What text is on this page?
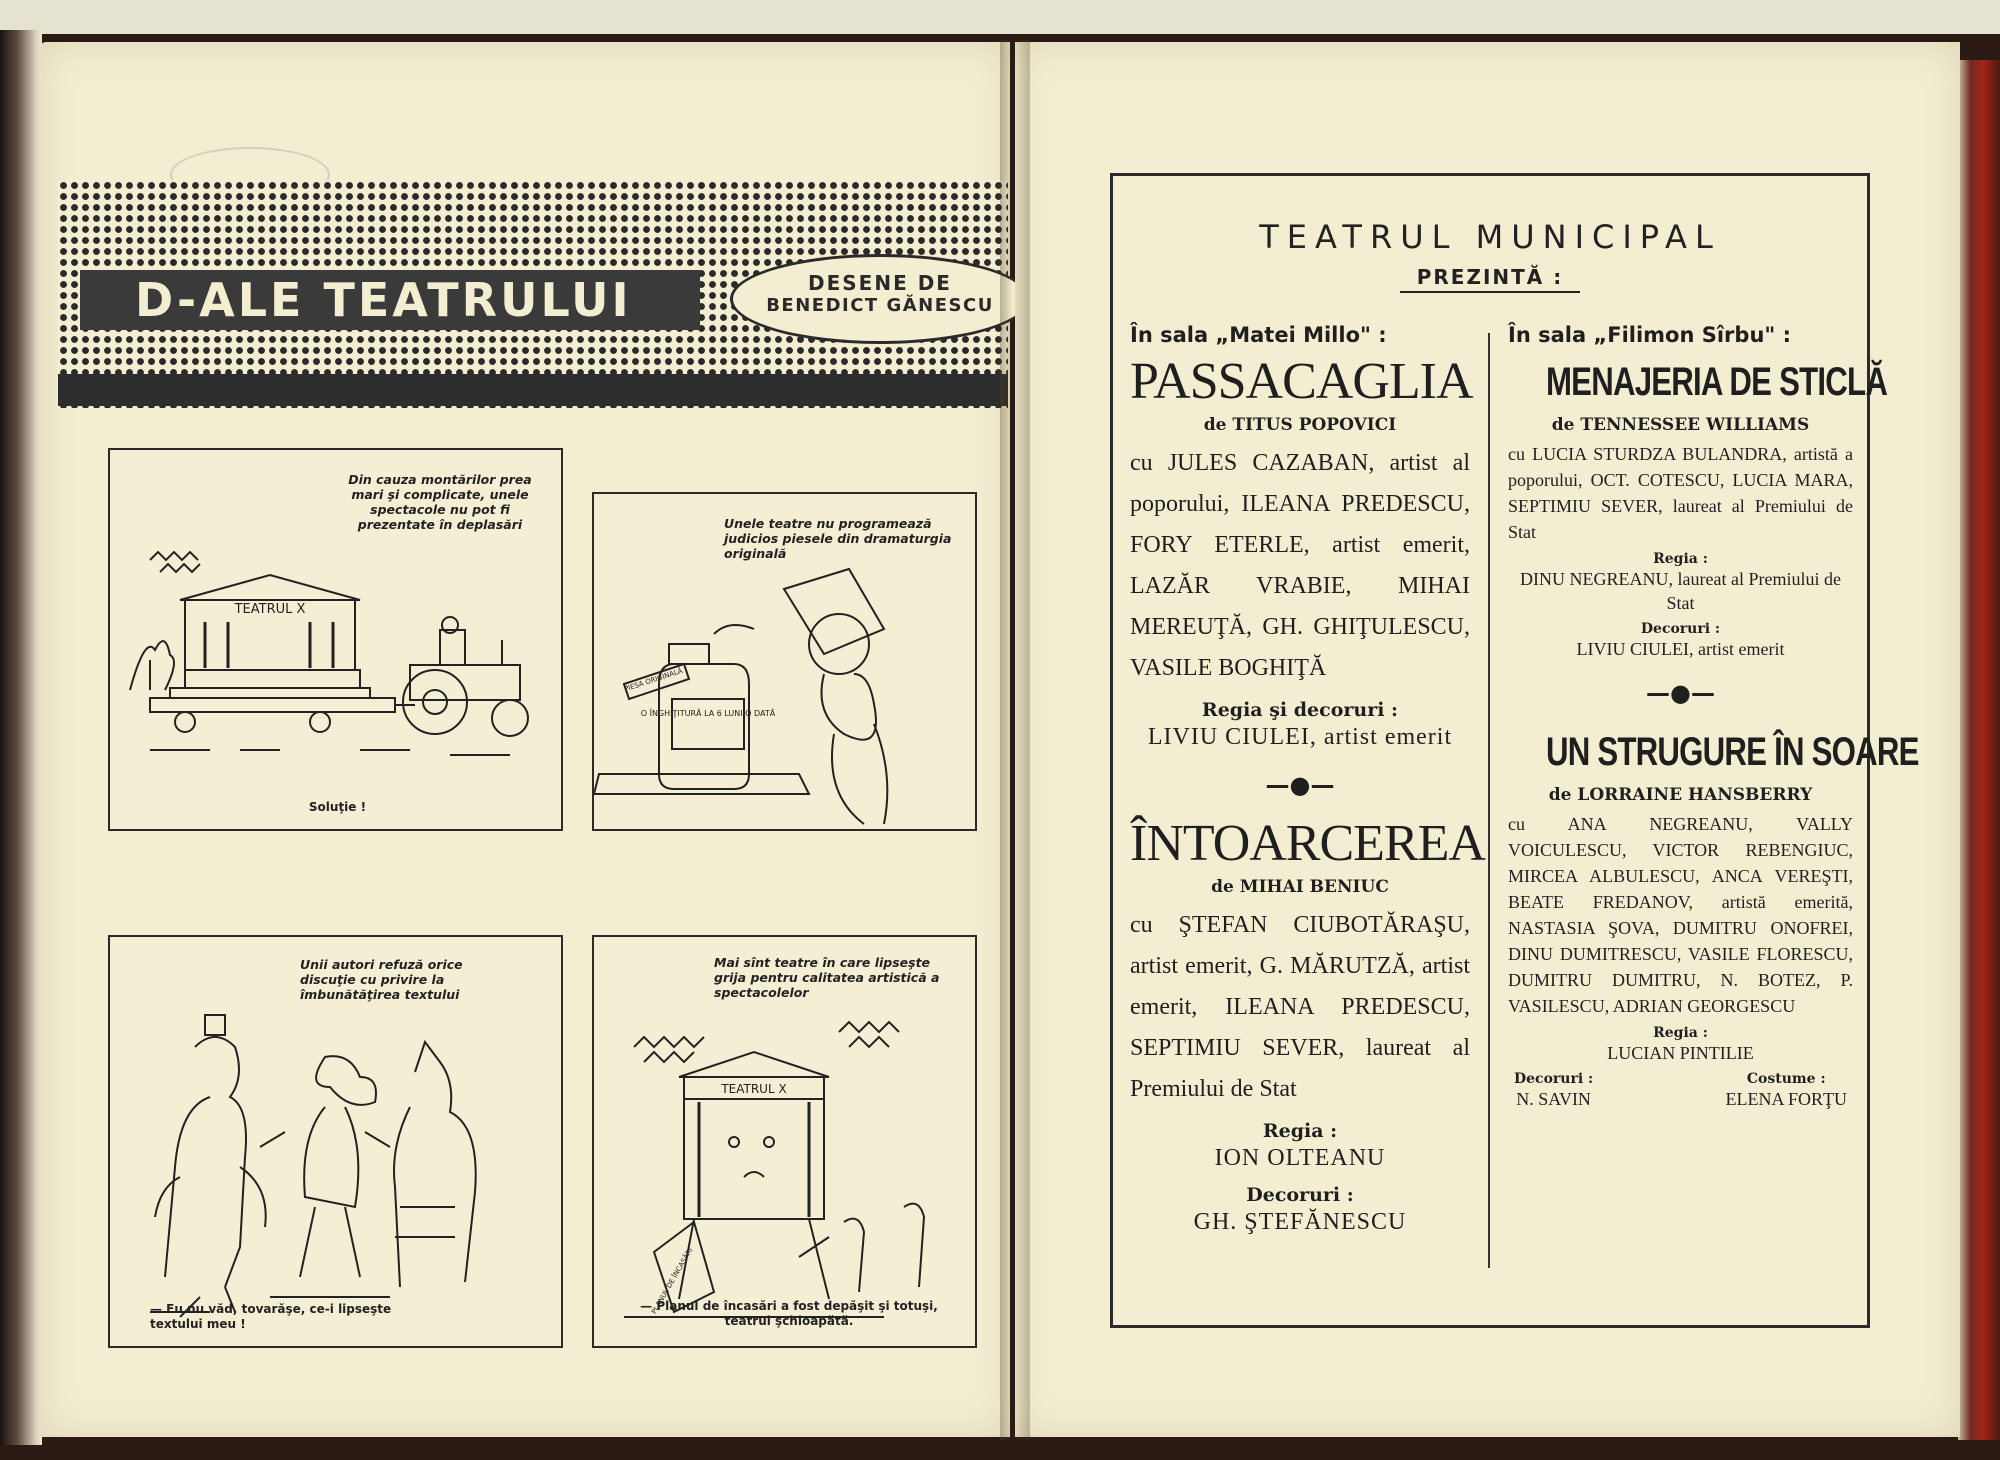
D-ALE TEATRULUI	DESENE DE
BENEDICT GĂNESCU
Din cauza montărilor prea mari şi complicate, unele spectacole nu pot fi prezentate în deplasări
TEATRUL X
Soluţie !
Unele teatre nu programează judicios piesele din dramaturgia originală
O ÎNGHIŢITURĂ LA 6 LUNI O DATĂ
PIESA ORIGINALĂ
Unii autori refuză orice discuţie cu privire la îmbunătăţirea textului
— Eu nu văd, tovarăşe, ce-i lipseşte textului meu !
Mai sînt teatre în care lipseşte grija pentru calitatea artistică a spectacolelor
TEATRUL X
PLANUL DE ÎNCASĂRI
— Planul de încasări a fost depăşit şi totuşi, teatrul şchioapătă.
TEATRUL MUNICIPAL
PREZINTĂ :
În sala „Matei Millo" :
PASSACAGLIA
de TITUS POPOVICI
cu JULES CAZABAN, artist al poporului, ILEANA PREDESCU, FORY ETERLE, artist emerit, LAZĂR VRABIE, MIHAI MEREUŢĂ, GH. GHIŢULESCU, VASILE BOGHIŢĂ
Regia şi decoruri :
LIVIU CIULEI, artist emerit
—●—
ÎNTOARCEREA
de MIHAI BENIUC
cu ŞTEFAN CIUBOTĂRAŞU, artist emerit, G. MĂRUTZĂ, artist emerit, ILEANA PREDESCU, SEPTIMIU SEVER, laureat al Premiului de Stat
Regia :
ION OLTEANU
Decoruri :
GH. ŞTEFĂNESCU
În sala „Filimon Sîrbu" :
MENAJERIA DE STICLĂ
de TENNESSEE WILLIAMS
cu LUCIA STURDZA BULANDRA, artistă a poporului, OCT. COTESCU, LUCIA MARA, SEPTIMIU SEVER, laureat al Premiului de Stat
Regia :
DINU NEGREANU, laureat al Premiului de Stat
Decoruri :
LIVIU CIULEI, artist emerit
—●—
UN STRUGURE ÎN SOARE
de LORRAINE HANSBERRY
cu ANA NEGREANU, VALLY VOICULESCU, VICTOR REBENGIUC, MIRCEA ALBULESCU, ANCA VEREŞTI, BEATE FREDANOV, artistă emerită, NASTASIA ŞOVA, DUMITRU ONOFREI, DINU DUMITRESCU, VASILE FLORESCU, DUMITRU DUMITRU, N. BOTEZ, P. VASILESCU, ADRIAN GEORGESCU
Regia :
LUCIAN PINTILIE
Decoruri :
N. SAVIN
Costume :
ELENA FORŢU
